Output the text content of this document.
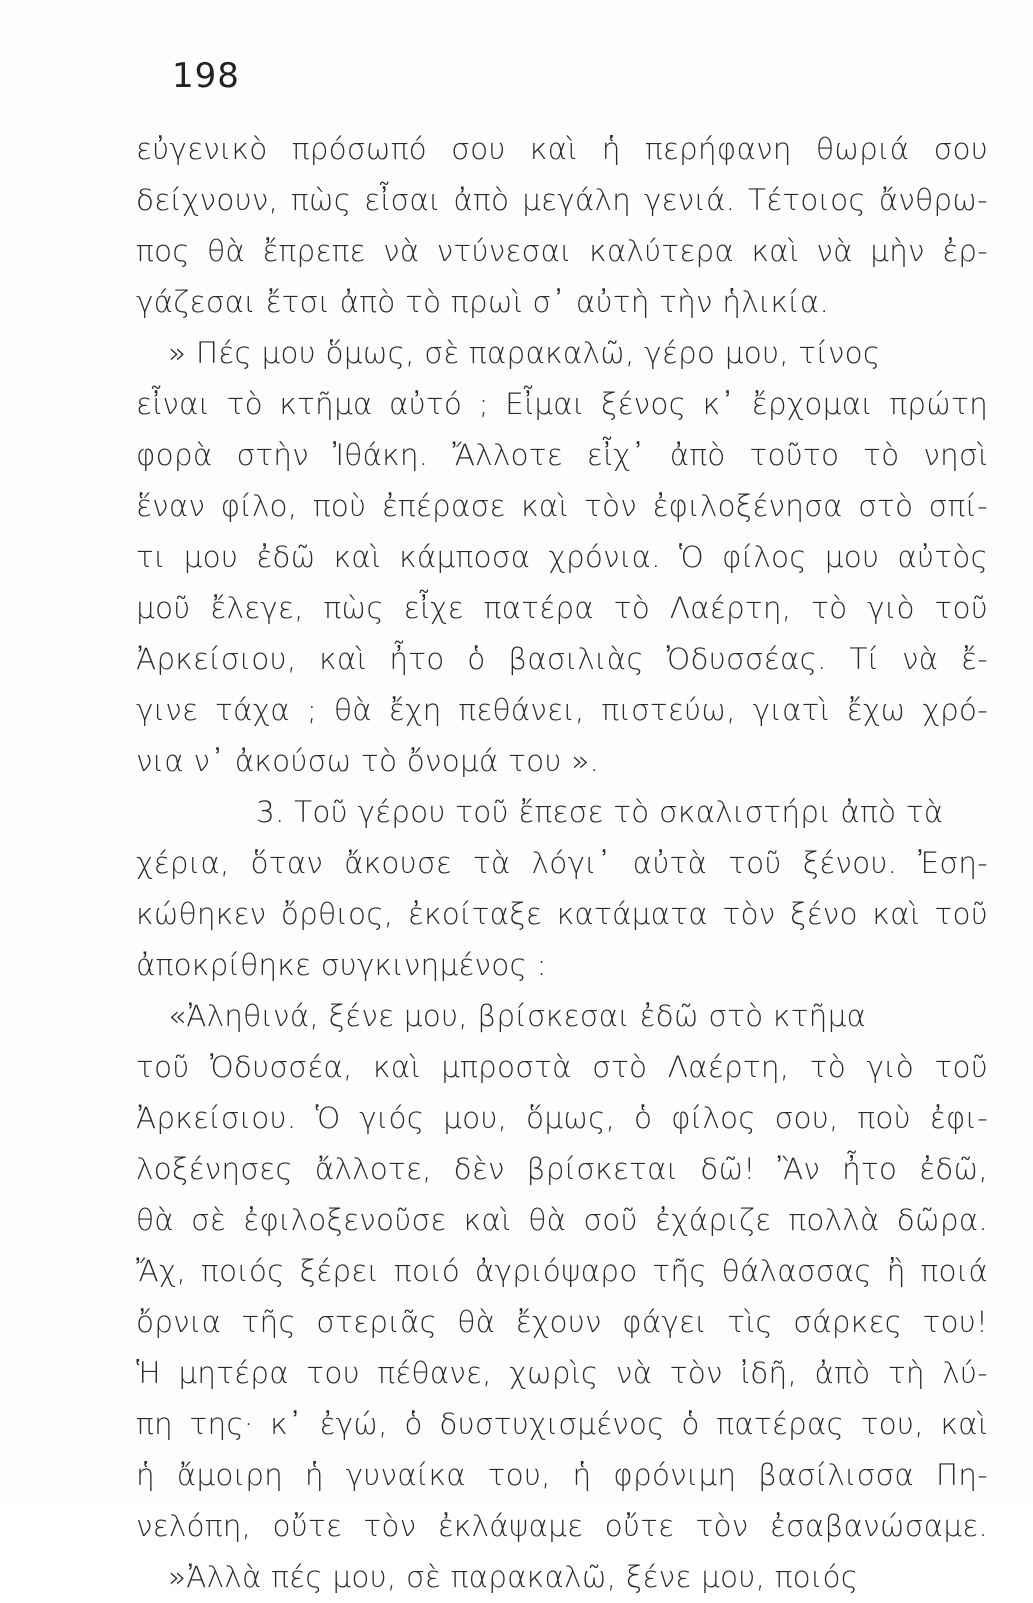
198
εὐγενικὸ πρόσωπό σου καὶ ἡ περήφανη θωριά σου
δείχνουν, πὼς εἶσαι ἀπὸ μεγάλη γενιά. Τέτοιος ἄνθρω-
πος θὰ ἔπρεπε νὰ ντύνεσαι καλύτερα καὶ νὰ μὴν ἐρ-
γάζεσαι ἔτσι ἀπὸ τὸ πρωὶ σ᾽ αὐτὴ τὴν ἡλικία.
» Πές μου ὅμως, σὲ παρακαλῶ, γέρο μου, τίνος
εἶναι τὸ κτῆμα αὐτό ; Εἶμαι ξένος κ᾽ ἔρχομαι πρώτη
φορὰ στὴν Ἰθάκη. Ἄλλοτε εἶχ᾽ ἀπὸ τοῦτο τὸ νησὶ
ἕναν φίλο, ποὺ ἐπέρασε καὶ τὸν ἐφιλοξένησα στὸ σπί-
τι μου ἐδῶ καὶ κάμποσα χρόνια. Ὁ φίλος μου αὐτὸς
μοῦ ἔλεγε, πὼς εἶχε πατέρα τὸ Λαέρτη, τὸ γιὸ τοῦ
Ἀρκείσιου, καὶ ἦτο ὁ βασιλιὰς Ὀδυσσέας. Τί νὰ ἔ-
γινε τάχα ; θὰ ἔχη πεθάνει, πιστεύω, γιατὶ ἔχω χρό-
νια ν᾽ ἀκούσω τὸ ὄνομά του ».
3. Τοῦ γέρου τοῦ ἔπεσε τὸ σκαλιστήρι ἀπὸ τὰ
χέρια, ὅταν ἄκουσε τὰ λόγι᾽ αὐτὰ τοῦ ξένου. Ἐση-
κώθηκεν ὄρθιος, ἐκοίταξε κατάματα τὸν ξένο καὶ τοῦ
ἀποκρίθηκε συγκινημένος :
«Ἀληθινά, ξένε μου, βρίσκεσαι ἐδῶ στὸ κτῆμα
τοῦ Ὀδυσσέα, καὶ μπροστὰ στὸ Λαέρτη, τὸ γιὸ τοῦ
Ἀρκείσιου. Ὁ γιός μου, ὅμως, ὁ φίλος σου, ποὺ ἐφι-
λοξένησες ἄλλοτε, δὲν βρίσκεται δῶ! Ἂν ἦτο ἐδῶ,
θὰ σὲ ἐφιλοξενοῦσε καὶ θὰ σοῦ ἐχάριζε πολλὰ δῶρα.
Ἄχ, ποιός ξέρει ποιό ἀγριόψαρο τῆς θάλασσας ἢ ποιά
ὄρνια τῆς στεριᾶς θὰ ἔχουν φάγει τὶς σάρκες του!
Ἡ μητέρα του πέθανε, χωρὶς νὰ τὸν ἰδῆ, ἀπὸ τὴ λύ-
πη της· κ᾽ ἐγώ, ὁ δυστυχισμένος ὁ πατέρας του, καὶ
ἡ ἄμοιρη ἡ γυναίκα του, ἡ φρόνιμη βασίλισσα Πη-
νελόπη, οὔτε τὸν ἐκλάψαμε οὔτε τὸν ἐσαβανώσαμε.
»Ἀλλὰ πές μου, σὲ παρακαλῶ, ξένε μου, ποιός
